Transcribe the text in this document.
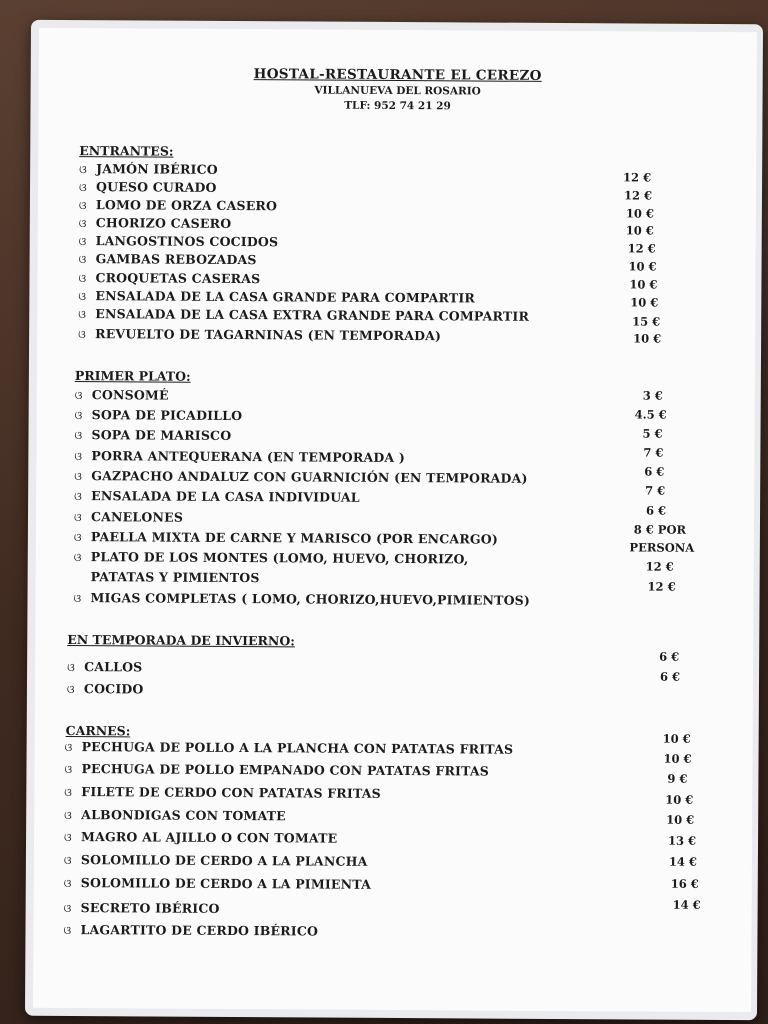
HOSTAL-RESTAURANTE EL CEREZO
VILLANUEVA DEL ROSARIO
TLF: 952 74 21 29
ENTRANTES:
ଓ JAMÓN IBÉRICO
ଓ QUESO CURADO
ଓ LOMO DE ORZA CASERO
ଓ CHORIZO CASERO
ଓ LANGOSTINOS COCIDOS
ଓ GAMBAS REBOZADAS
ଓ CROQUETAS CASERAS
ଓ ENSALADA DE LA CASA GRANDE PARA COMPARTIR
ଓ ENSALADA DE LA CASA EXTRA GRANDE PARA COMPARTIR
ଓ REVUELTO DE TAGARNINAS (EN TEMPORADA)
12 €
12 €
10 €
10 €
12 €
10 €
10 €
10 €
15 €
10 €
PRIMER PLATO:
ଓ CONSOMÉ
ଓ SOPA DE PICADILLO
ଓ SOPA DE MARISCO
ଓ PORRA ANTEQUERANA (EN TEMPORADA )
ଓ GAZPACHO ANDALUZ CON GUARNICIÓN (EN TEMPORADA)
ଓ ENSALADA DE LA CASA INDIVIDUAL
ଓ CANELONES
ଓ PAELLA MIXTA DE CARNE Y MARISCO (POR ENCARGO)
ଓ PLATO DE LOS MONTES (LOMO, HUEVO, CHORIZO,
PATATAS Y PIMIENTOS
ଓ MIGAS COMPLETAS ( LOMO, CHORIZO,HUEVO,PIMIENTOS)
3 €
4.5 €
5 €
7 €
6 €
7 €
6 €
8 € POR
PERSONA
12 €
12 €
EN TEMPORADA DE INVIERNO:
ଓ CALLOS
ଓ COCIDO
6 €
6 €
CARNES:
ଓ PECHUGA DE POLLO A LA PLANCHA CON PATATAS FRITAS
ଓ PECHUGA DE POLLO EMPANADO CON PATATAS FRITAS
ଓ FILETE DE CERDO CON PATATAS FRITAS
ଓ ALBONDIGAS CON TOMATE
ଓ MAGRO AL AJILLO O CON TOMATE
ଓ SOLOMILLO DE CERDO A LA PLANCHA
ଓ SOLOMILLO DE CERDO A LA PIMIENTA
ଓ SECRETO IBÉRICO
ଓ LAGARTITO DE CERDO IBÉRICO
10 €
10 €
9 €
10 €
10 €
13 €
14 €
16 €
14 €
